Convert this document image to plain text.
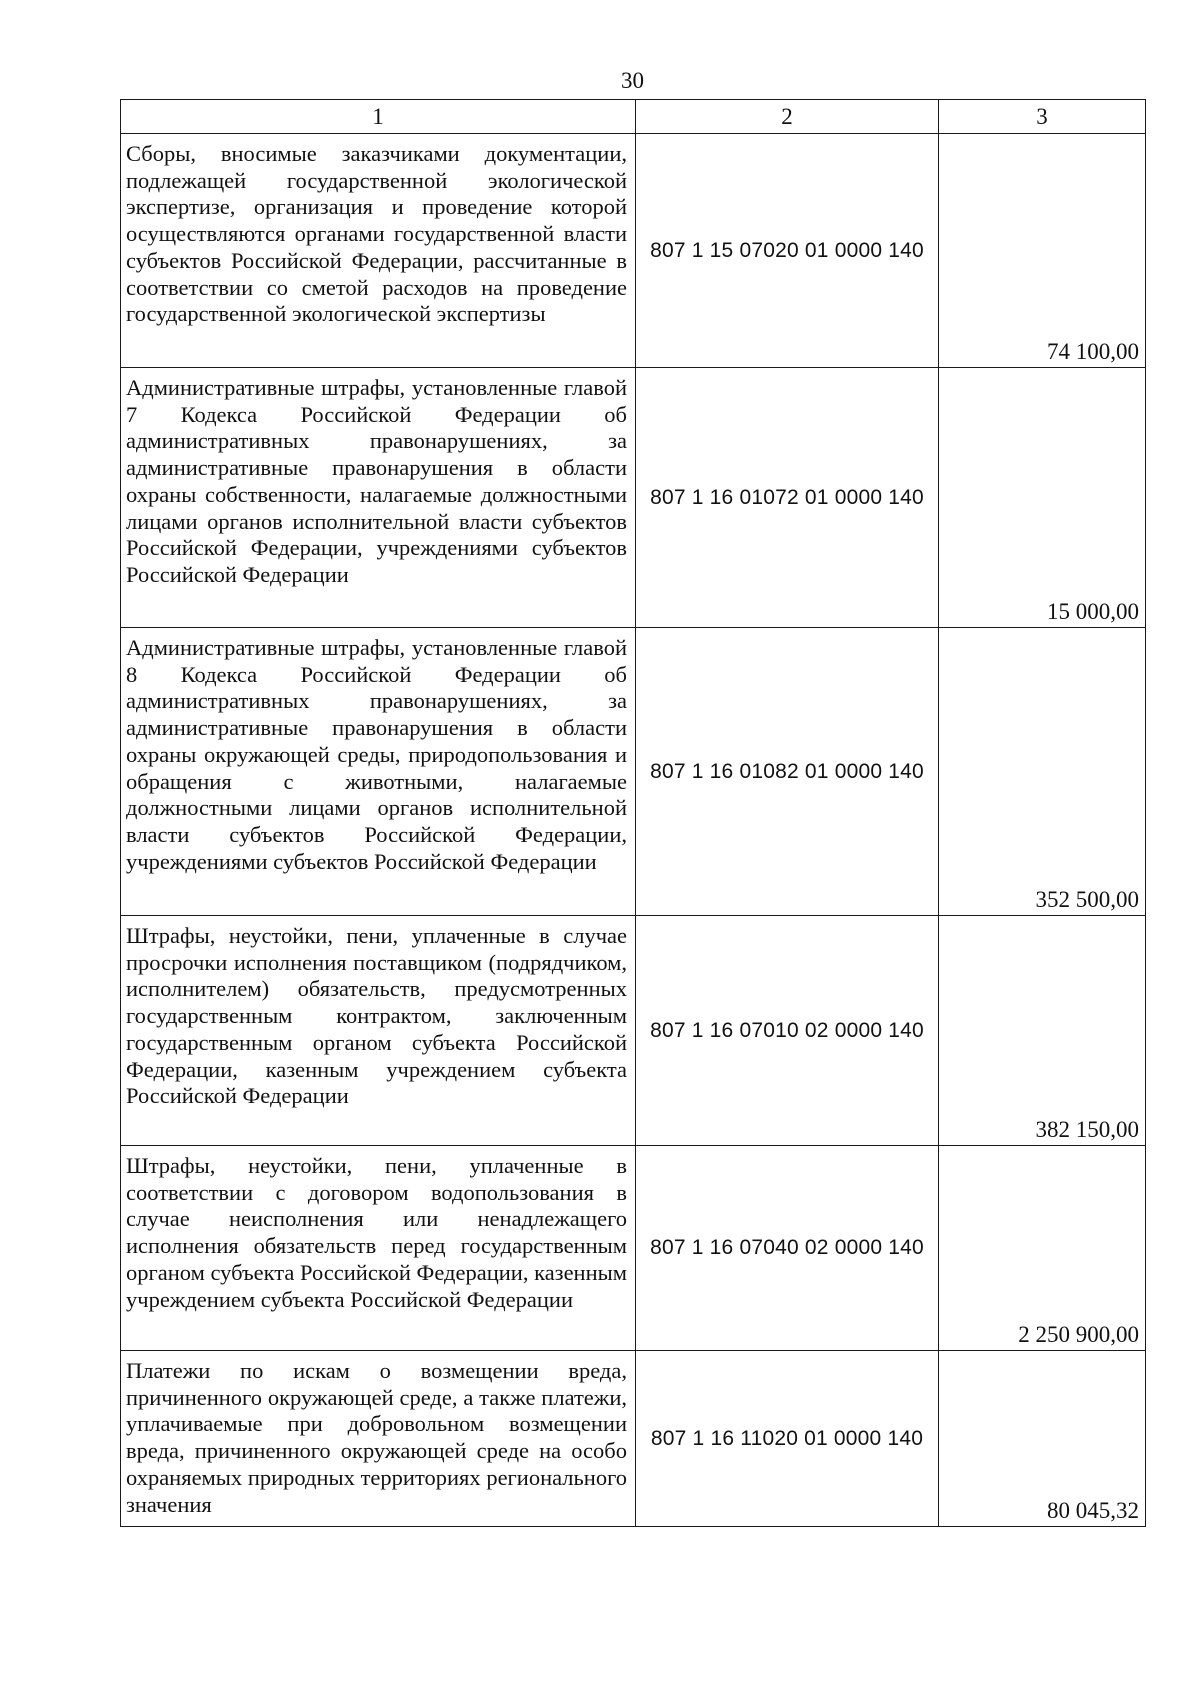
30
1	2	3

Сборы, вносимые заказчиками документации, подлежащей государственной экологической экспертизе, организация и проведение которой осуществляются органами государственной власти субъектов Российской Федерации, рассчитанные в соответствии со сметой расходов на проведение государственной экологической экспертизы	807 1 15 07020 01 0000 140	74 100,00

Административные штрафы, установленные главой 7 Кодекса Российской Федерации об административных правонарушениях, за административные правонарушения в области охраны собственности, налагаемые должностными лицами органов исполнительной власти субъектов Российской Федерации, учреждениями субъектов Российской Федерации	807 1 16 01072 01 0000 140	15 000,00

Административные штрафы, установленные главой 8 Кодекса Российской Федерации об административных правонарушениях, за административные правонарушения в области охраны окружающей среды, природопользования и обращения с животными, налагаемые должностными лицами органов исполнительной власти субъектов Российской Федерации, учреждениями субъектов Российской Федерации	807 1 16 01082 01 0000 140	352 500,00

Штрафы, неустойки, пени, уплаченные в случае просрочки исполнения поставщиком (подрядчиком, исполнителем) обязательств, предусмотренных государственным контрактом, заключенным государственным органом субъекта Российской Федерации, казенным учреждением субъекта Российской Федерации	807 1 16 07010 02 0000 140	382 150,00

Штрафы, неустойки, пени, уплаченные в соответствии с договором водопользования в случае неисполнения или ненадлежащего исполнения обязательств перед государственным органом субъекта Российской Федерации, казенным учреждением субъекта Российской Федерации	807 1 16 07040 02 0000 140	2 250 900,00

Платежи по искам о возмещении вреда, причиненного окружающей среде, а также платежи, уплачиваемые при добровольном возмещении вреда, причиненного окружающей среде на особо охраняемых природных территориях регионального значения	807 1 16 11020 01 0000 140	80 045,32
